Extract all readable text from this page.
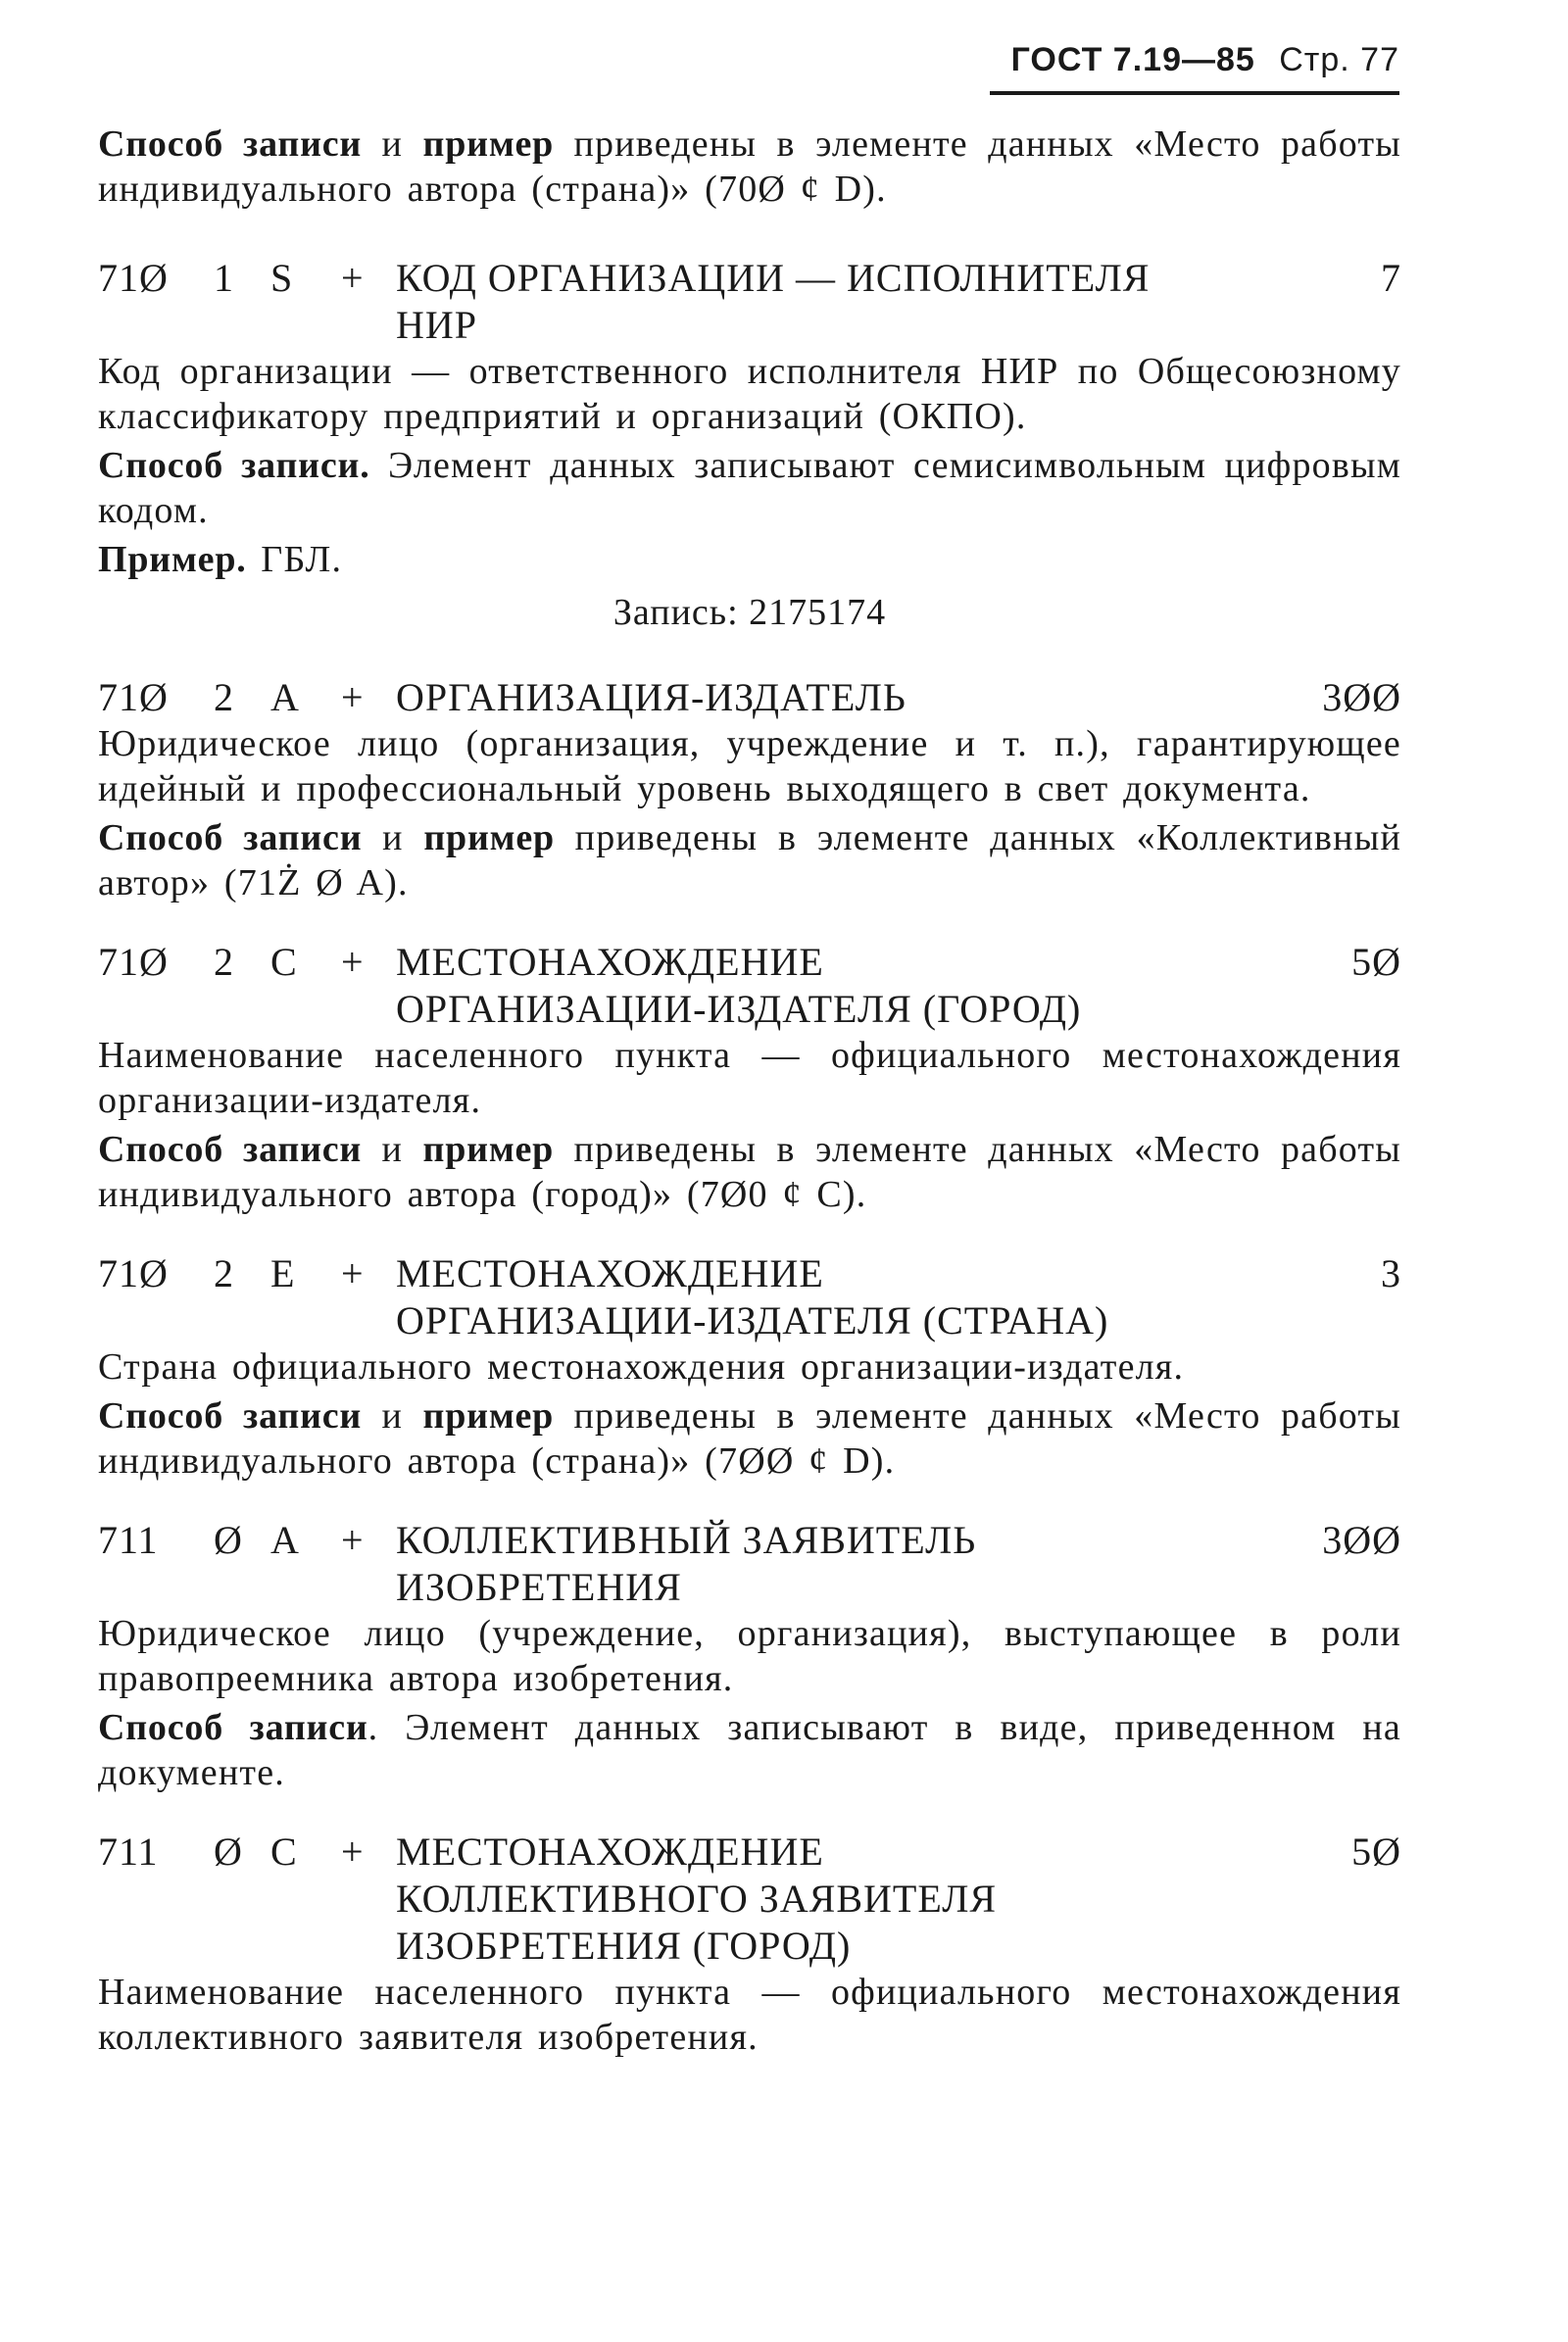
ГОСТ 7.19—85 Стр. 77

Способ записи и пример приведены в элементе данных «Место работы индивидуального автора (страна)» (70Ø ȼ D).

71Ø	1 S	+ КОД ОРГАНИЗАЦИИ — ИСПОЛНИТЕЛЯ	7
НИР

Код организации — ответственного исполнителя НИР по Общесоюзному классификатору предприятий и организаций (ОКПО).

Способ записи. Элемент данных записывают семисимвольным цифровым кодом.

Пример. ГБЛ.

Запись: 2175174

71Ø	2 A	+ ОРГАНИЗАЦИЯ-ИЗДАТЕЛЬ	3ØØ

Юридическое лицо (организация, учреждение и т. п.), гарантирующее идейный и профессиональный уровень выходящего в свет документа.

Способ записи и пример приведены в элементе данных «Коллективный автор» (71Ż Ø A).

71Ø	2 C	+ МЕСТОНАХОЖДЕНИЕ	5Ø
ОРГАНИЗАЦИИ-ИЗДАТЕЛЯ (ГОРОД)

Наименование населенного пункта — официального местонахождения организации-издателя.

Способ записи и пример приведены в элементе данных «Место работы индивидуального автора (город)» (7Ø0 ȼ C).

71Ø	2 E	+ МЕСТОНАХОЖДЕНИЕ	3
ОРГАНИЗАЦИИ-ИЗДАТЕЛЯ (СТРАНА)

Страна официального местонахождения организации-издателя.

Способ записи и пример приведены в элементе данных «Место работы индивидуального автора (страна)» (7ØØ ȼ D).

711	Ø A	+ КОЛЛЕКТИВНЫЙ ЗАЯВИТЕЛЬ	3ØØ
ИЗОБРЕТЕНИЯ

Юридическое лицо (учреждение, организация), выступающее в роли правопреемника автора изобретения.

Способ записи. Элемент данных записывают в виде, приведенном на документе.

711	Ø C	+ МЕСТОНАХОЖДЕНИЕ	5Ø
КОЛЛЕКТИВНОГО ЗАЯВИТЕЛЯ
ИЗОБРЕТЕНИЯ (ГОРОД)

Наименование населенного пункта — официального местонахождения коллективного заявителя изобретения.
